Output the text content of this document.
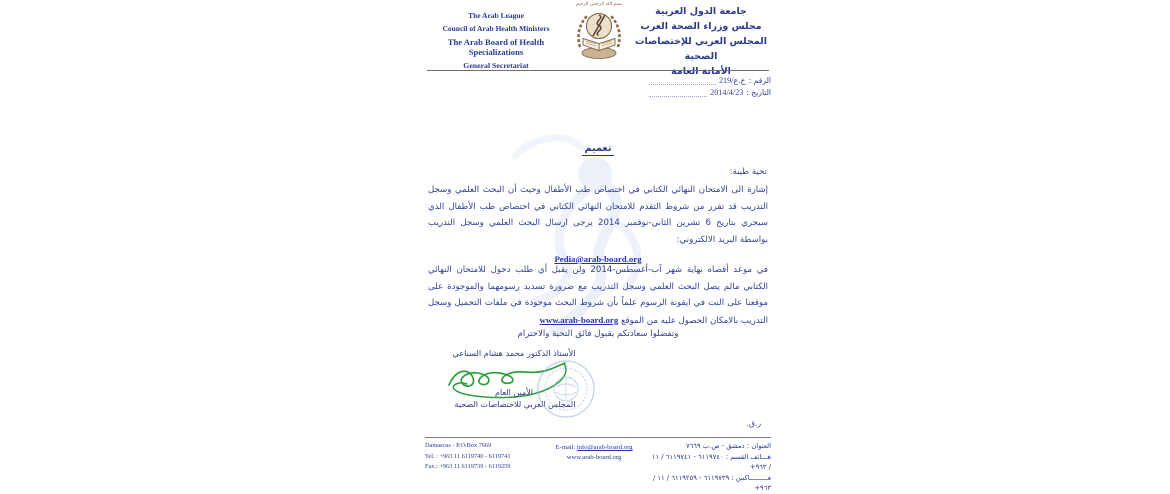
جامعة الدول العربية
مجلس وزراء الصحة العرب
المجلس العربي للإختصاصات الصحية
الأمانة العامة
بسم الله الرحمن الرحيم
The Arab League
Council of Arab Health Ministers
The Arab Board of Health Specializations
General Secretariat
الرقم :
219/خ.ع
التاريخ :
2014/4/23
تعميم
تحية طيبة:

إشارة الى الامتحان النهائي الكتابي في اختصاص طب الأطفال وحيث أن البحث العلمي وسجل التدريب قد تقرر من شروط التقدم للامتحان النهائي الكتابي في اختصاص طب الأطفال الذي سيجري بتاريخ 6 تشرين الثاني-نوفمبر 2014 يرجى ارسال البحث العلمي وسجل التدريب بواسطة البريد الالكتروني:

Pedia@arab-board.org

في موعد أقصاه نهاية شهر آب-أغسطس-2014 ولن يقبل أي طلب دخول للامتحان النهائي الكتابي مالم يصل البحث العلمي وسجل التدريب مع ضرورة تسديد رسومهما والموجودة على موقعنا على النت في ايقونة الرسوم علماً بأن شروط البحث موجودة في ملفات التحميل وسجل التدريب بالامكان الحصول عليه من الموقع www.arab-board.org

وتفضلوا سعادتكم بقبول فائق التحية والاحترام
الأستاذ الدكتور محمد هشام السباعي
الأمين العام
المجلس العربي للاختصاصات الصحية
ر.ق.
Damascus - P.O.Box 7669
Tel. : +963 11 6119740 - 6119741
Fax.: +963 11 6119739 - 6119259
E-mail: info@arab-board.org
www.arab-board.org
العنوان : دمشق - ص.ب ٧٦٦٩
هـــاتف القسم : ٦١١٩٧٤٠ - ٦١١٩٧٤١ / ١١ / ٩٦٣+
فـــــــــاكس : ٦١١٩٧٣٩ - ٦١١٩٢٥٩ / ١١ / ٩٦٣+
